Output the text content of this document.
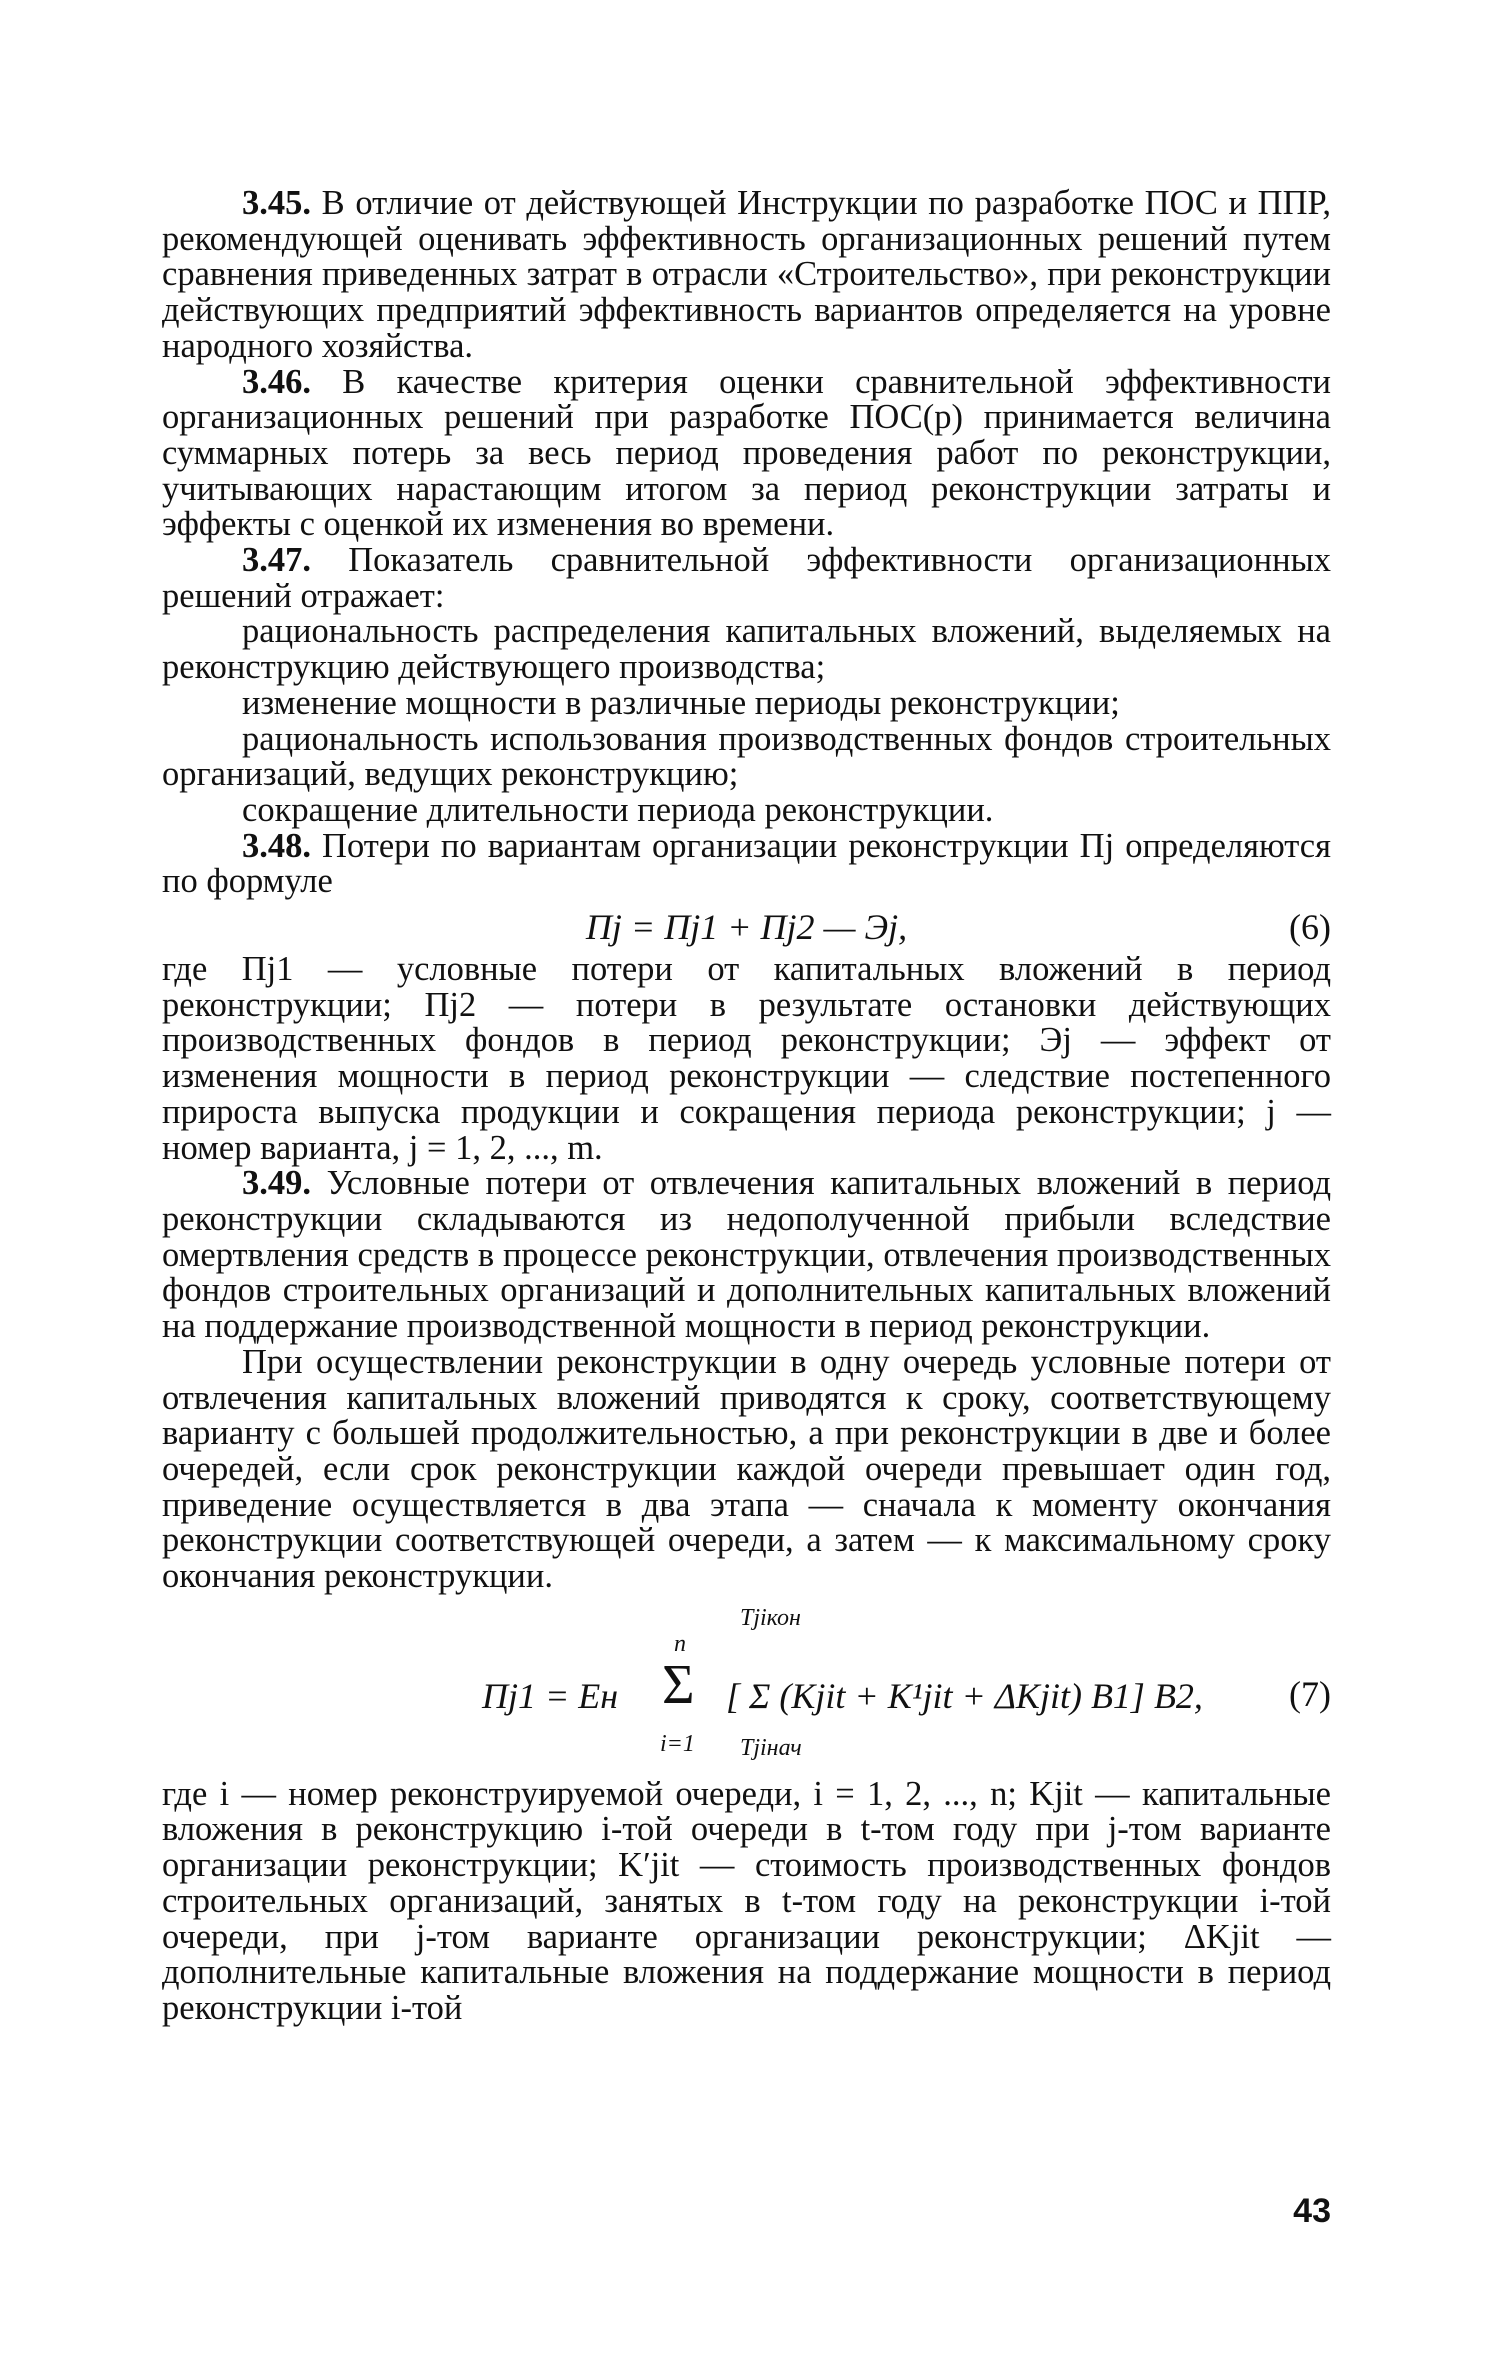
3.45. В отличие от действующей Инструкции по разработке ПОС и ППР, рекомендующей оценивать эффективность организационных решений путем сравнения приведенных затрат в отрасли «Строительство», при реконструкции действующих предприятий эффективность вариантов определяется на уровне народного хозяйства.

3.46. В качестве критерия оценки сравнительной эффективности организационных решений при разработке ПОС(р) принимается величина суммарных потерь за весь период проведения работ по реконструкции, учитывающих нарастающим итогом за период реконструкции затраты и эффекты с оценкой их изменения во времени.

3.47. Показатель сравнительной эффективности организационных решений отражает:

рациональность распределения капитальных вложений, выделяемых на реконструкцию действующего производства;

изменение мощности в различные периоды реконструкции;

рациональность использования производственных фондов строительных организаций, ведущих реконструкцию;

сокращение длительности периода реконструкции.

3.48. Потери по вариантам организации реконструкции Пj определяются по формуле

Пj = Пj1 + Пj2 — Эj,	(6)

где Пj1 — условные потери от капитальных вложений в период реконструкции; Пj2 — потери в результате остановки действующих производственных фондов в период реконструкции; Эj — эффект от изменения мощности в период реконструкции — следствие постепенного прироста выпуска продукции и сокращения периода реконструкции; j — номер варианта, j = 1, 2, ..., m.

3.49. Условные потери от отвлечения капитальных вложений в период реконструкции складываются из недополученной прибыли вследствие омертвления средств в процессе реконструкции, отвлечения производственных фондов строительных организаций и дополнительных капитальных вложений на поддержание производственной мощности в период реконструкции.

При осуществлении реконструкции в одну очередь условные потери от отвлечения капитальных вложений приводятся к сроку, соответствующему варианту с большей продолжительностью, а при реконструкции в две и более очередей, если срок реконструкции каждой очереди превышает один год, приведение осуществляется в два этапа — сначала к моменту окончания реконструкции соответствующей очереди, а затем — к максимальному сроку окончания реконструкции.

Пj1 = Eн
n
Σ
i=1
Tjiкон
Tjiнач
[ Σ (Kjit + K¹jit + ΔKjit) B1] B2, (7)

где i — номер реконструируемой очереди, i = 1, 2, ..., n; Kjit — капитальные вложения в реконструкцию i-той очереди в t-том году при j-том варианте организации реконструкции; K′jit — стоимость производственных фондов строительных организаций, занятых в t-том году на реконструкции i-той очереди, при j-том варианте организации реконструкции; ΔKjit — дополнительные капитальные вложения на поддержание мощности в период реконструкции i-той

43
